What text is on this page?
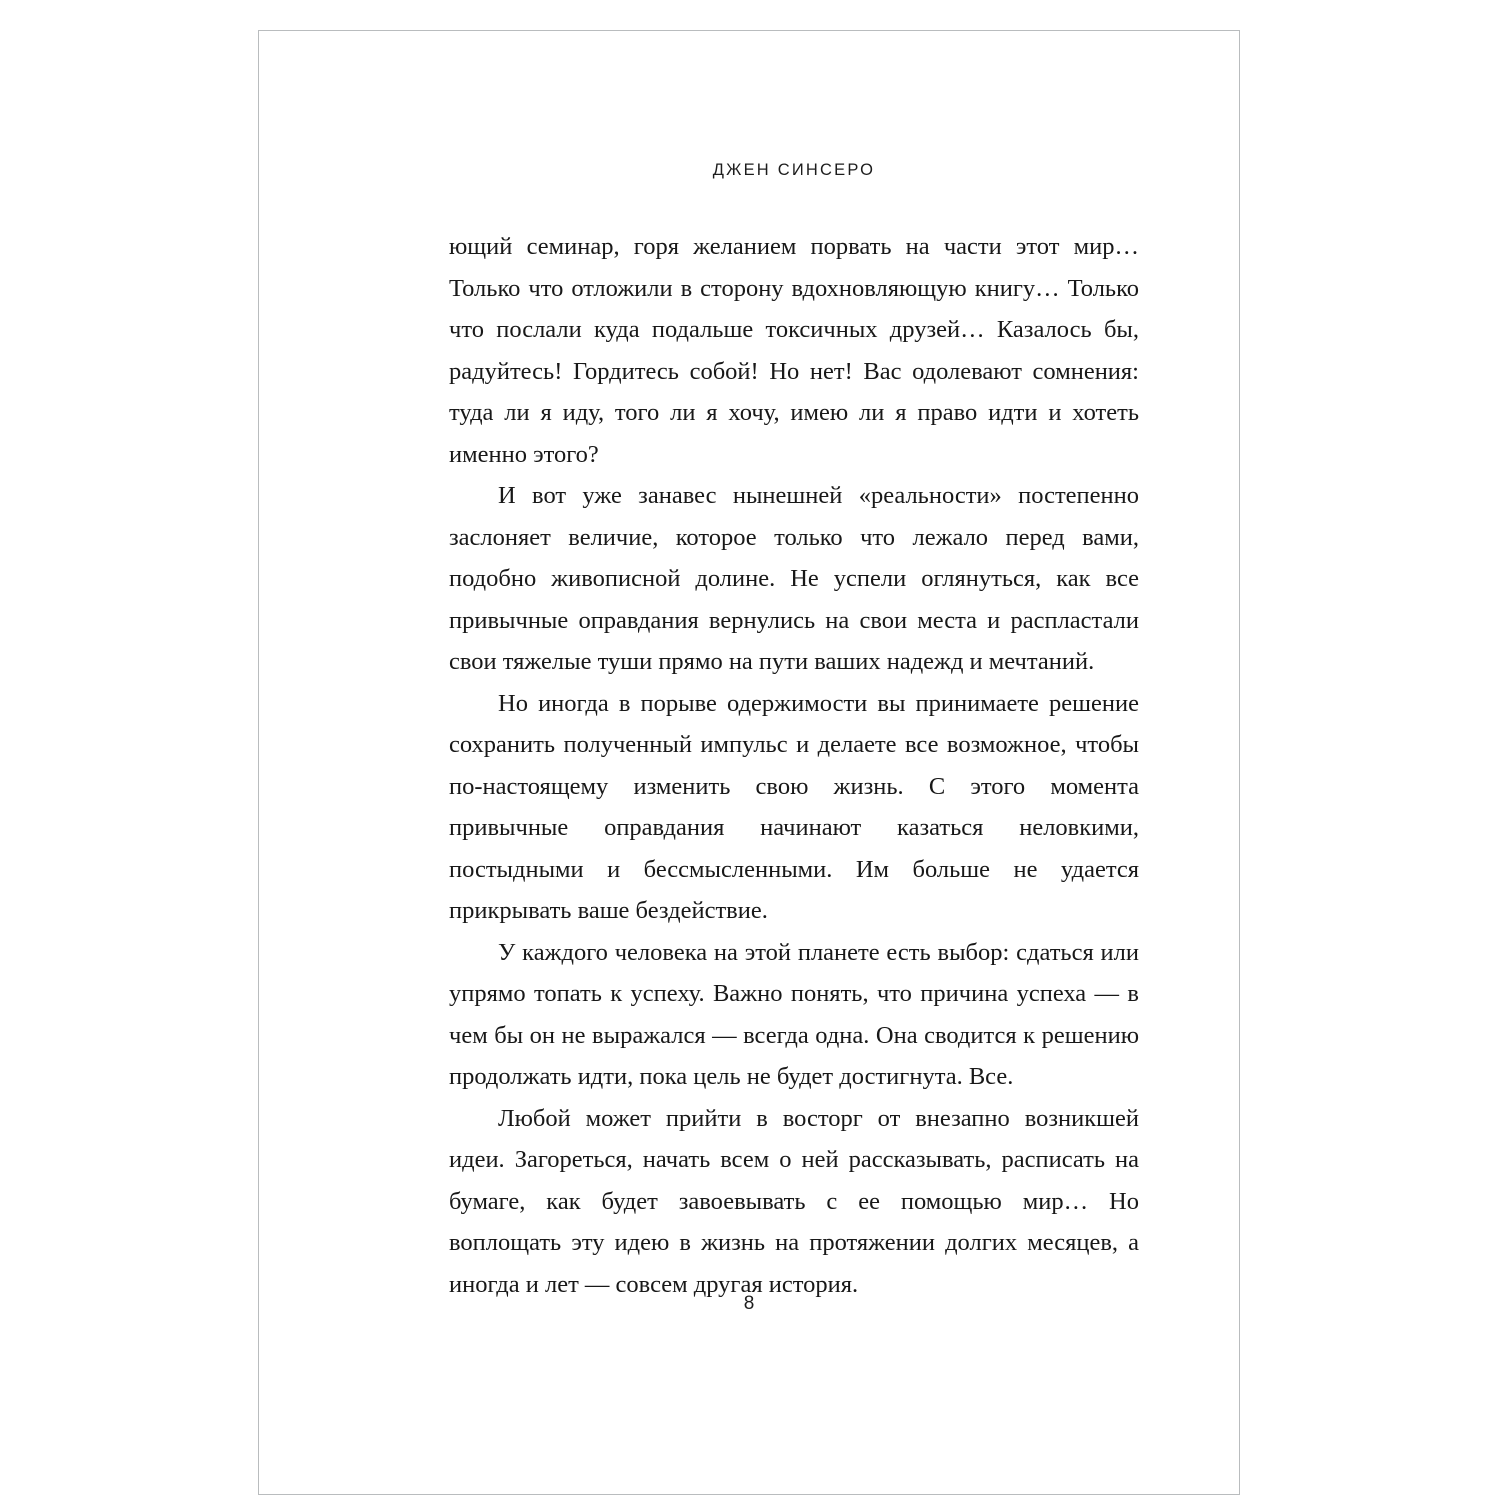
ДЖЕН СИНСЕРО

ющий семинар, горя желанием порвать на части этот мир… Только что отложили в сторону вдохновляющую книгу… Только что послали куда подальше токсичных друзей… Казалось бы, радуйтесь! Гордитесь собой! Но нет! Вас одолевают сомнения: туда ли я иду, того ли я хочу, имею ли я право идти и хотеть именно этого?

И вот уже занавес нынешней «реальности» постепенно заслоняет величие, которое только что лежало перед вами, подобно живописной долине. Не успели оглянуться, как все привычные оправдания вернулись на свои места и распластали свои тяжелые туши прямо на пути ваших надежд и мечтаний.

Но иногда в порыве одержимости вы принимаете решение сохранить полученный импульс и делаете все возможное, чтобы по-настоящему изменить свою жизнь. С этого момента привычные оправдания начинают казаться неловкими, постыдными и бессмысленными. Им больше не удается прикрывать ваше бездействие.

У каждого человека на этой планете есть выбор: сдаться или упрямо топать к успеху. Важно понять, что причина успеха — в чем бы он не выражался — всегда одна. Она сводится к решению продолжать идти, пока цель не будет достигнута. Все.

Любой может прийти в восторг от внезапно возникшей идеи. Загореться, начать всем о ней рассказывать, расписать на бумаге, как будет завоевывать с ее помощью мир… Но воплощать эту идею в жизнь на протяжении долгих месяцев, а иногда и лет — совсем другая история.

8
